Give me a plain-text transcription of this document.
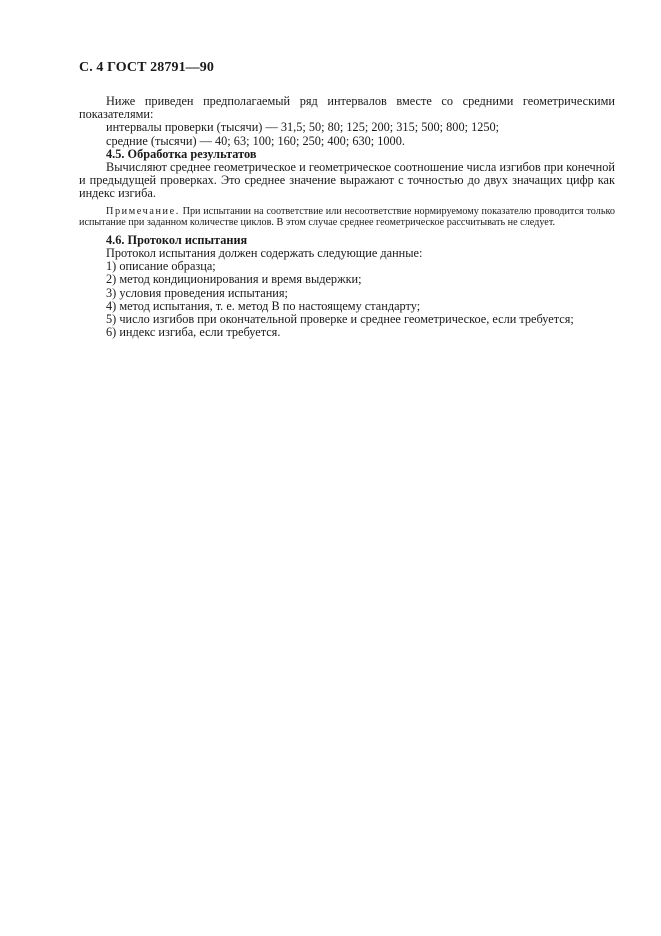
С. 4 ГОСТ 28791—90

Ниже приведен предполагаемый ряд интервалов вместе со средними геометрическими показателями:

интервалы проверки (тысячи) — 31,5; 50; 80; 125; 200; 315; 500; 800; 1250;

средние (тысячи) — 40; 63; 100; 160; 250; 400; 630; 1000.

4.5. Обработка результатов

Вычисляют среднее геометрическое и геометрическое соотношение числа изгибов при конечной и предыдущей проверках. Это среднее значение выражают с точностью до двух значащих цифр как индекс изгиба.

Примечание. При испытании на соответствие или несоответствие нормируемому показателю проводится только испытание при заданном количестве циклов. В этом случае среднее геометрическое рассчитывать не следует.

4.6. Протокол испытания

Протокол испытания должен содержать следующие данные:

1) описание образца;

2) метод кондиционирования и время выдержки;

3) условия проведения испытания;

4) метод испытания, т. е. метод В по настоящему стандарту;

5) число изгибов при окончательной проверке и среднее геометрическое, если требуется;

6) индекс изгиба, если требуется.
